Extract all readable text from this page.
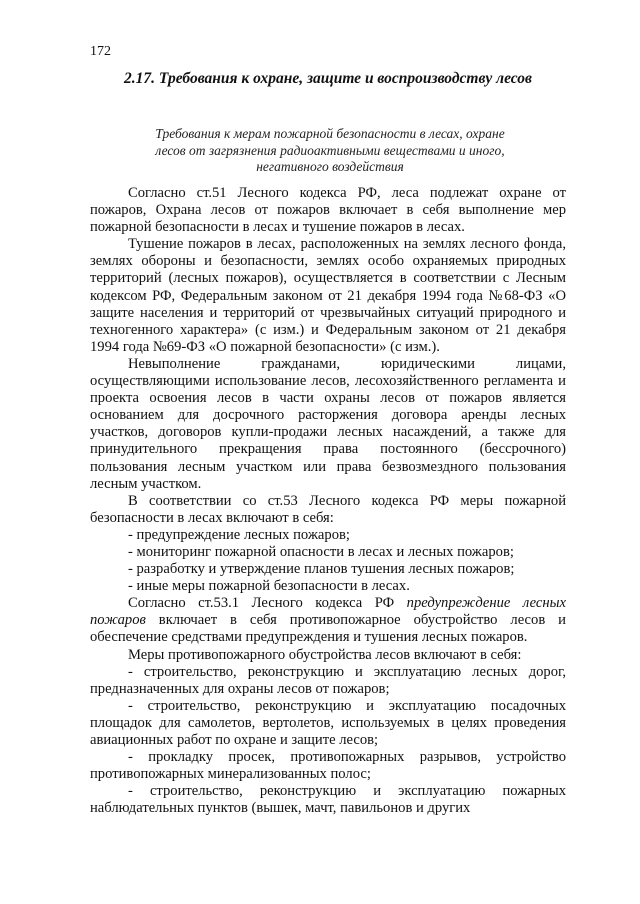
172
2.17. Требования к охране, защите и воспроизводству лесов
Требования к мерам пожарной безопасности в лесах, охране лесов от загрязнения радиоактивными веществами и иного, негативного воздействия

Согласно ст.51 Лесного кодекса РФ, леса подлежат охране от пожаров, Охрана лесов от пожаров включает в себя выполнение мер пожарной безопасности в лесах и тушение пожаров в лесах.

Тушение пожаров в лесах, расположенных на землях лесного фонда, землях обороны и безопасности, землях особо охраняемых природных территорий (лесных пожаров), осуществляется в соответствии с Лесным кодексом РФ, Федеральным законом от 21 декабря 1994 года №68-ФЗ «О защите населения и территорий от чрезвычайных ситуаций природного и техногенного характера» (с изм.) и Федеральным законом от 21 декабря 1994 года №69-ФЗ «О пожарной безопасности» (с изм.).

Невыполнение гражданами, юридическими лицами, осуществляющими использование лесов, лесохозяйственного регламента и проекта освоения лесов в части охраны лесов от пожаров является основанием для досрочного расторжения договора аренды лесных участков, договоров купли-продажи лесных насаждений, а также для принудительного прекращения права постоянного (бессрочного) пользования лесным участком или права безвозмездного пользования лесным участком.

В соответствии со ст.53 Лесного кодекса РФ меры пожарной безопасности в лесах включают в себя:

- предупреждение лесных пожаров;

- мониторинг пожарной опасности в лесах и лесных пожаров;

- разработку и утверждение планов тушения лесных пожаров;

- иные меры пожарной безопасности в лесах.

Согласно ст.53.1 Лесного кодекса РФ предупреждение лесных пожаров включает в себя противопожарное обустройство лесов и обеспечение средствами предупреждения и тушения лесных пожаров.

Меры противопожарного обустройства лесов включают в себя:

- строительство, реконструкцию и эксплуатацию лесных дорог, предназначенных для охраны лесов от пожаров;

- строительство, реконструкцию и эксплуатацию посадочных площадок для самолетов, вертолетов, используемых в целях проведения авиационных работ по охране и защите лесов;

- прокладку просек, противопожарных разрывов, устройство противопожарных минерализованных полос;

- строительство, реконструкцию и эксплуатацию пожарных наблюдательных пунктов (вышек, мачт, павильонов и других
